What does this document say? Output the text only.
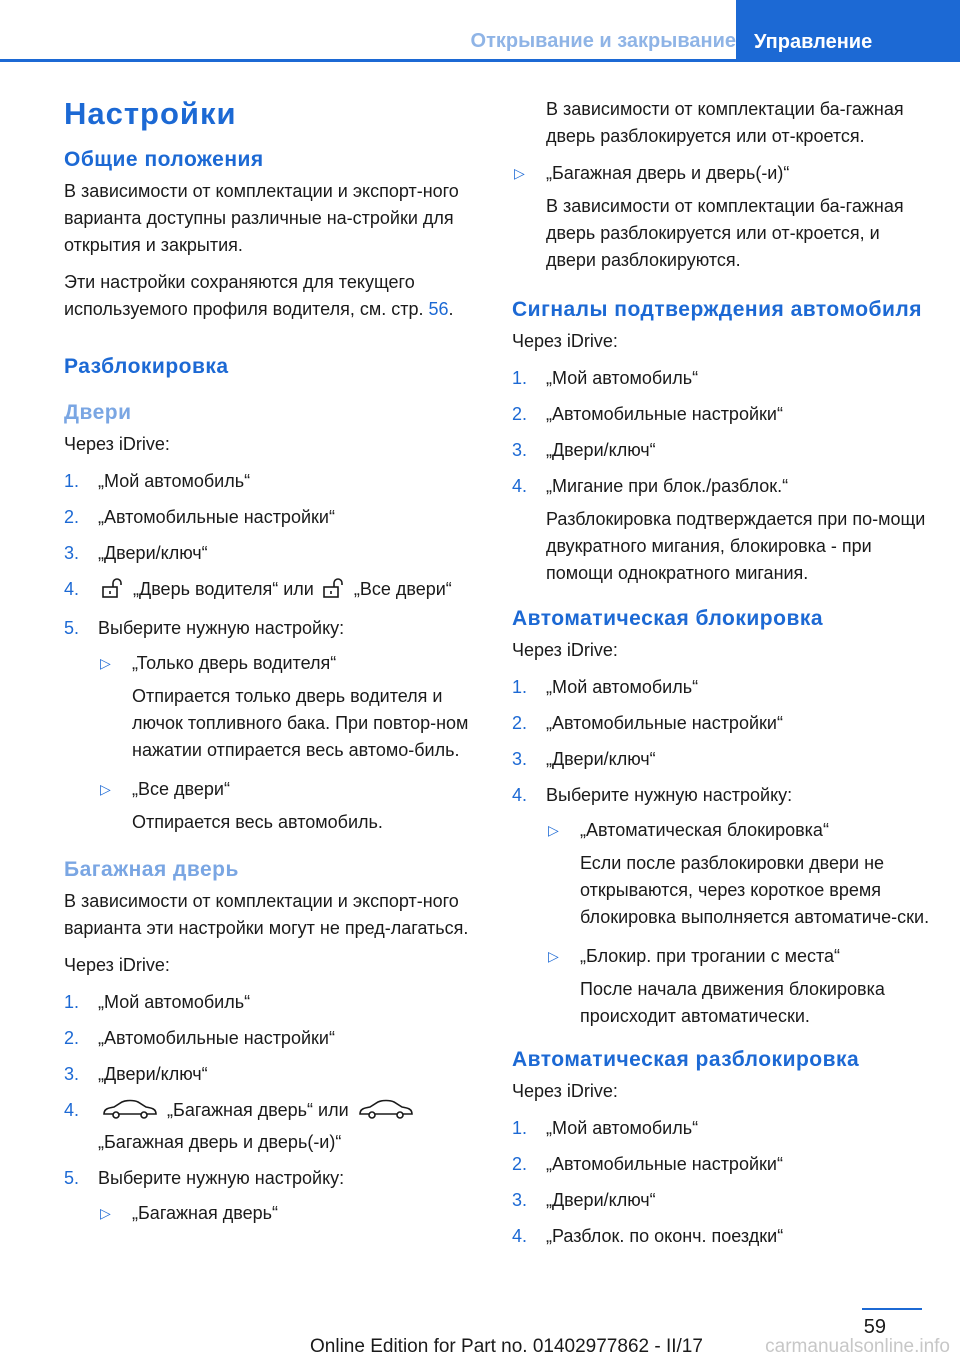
Открывание и закрывание Управление
Настройки
Общие положения
В зависимости от комплектации и экспорт-ного варианта доступны различные на-стройки для открытия и закрытия.
Эти настройки сохраняются для текущего используемого профиля водителя, см. стр. 56.
Разблокировка
Двери
Через iDrive:
1. „Мой автомобиль“
2. „Автомобильные настройки“
3. „Двери/ключ“
4.	„Дверь водителя“ или „Все двери“
5. Выберите нужную настройку:
▷ „Только дверь водителя“
Отпирается только дверь водителя и лючок топливного бака. При повтор-ном нажатии отпирается весь автомо-биль.
▷ „Все двери“
Отпирается весь автомобиль.
Багажная дверь
В зависимости от комплектации и экспорт-ного варианта эти настройки могут не пред-лагаться.
Через iDrive:
1. „Мой автомобиль“
2. „Автомобильные настройки“
3. „Двери/ключ“
4.	„Багажная дверь“ или
„Багажная дверь и дверь(-и)“
5. Выберите нужную настройку:
▷ „Багажная дверь“
В зависимости от комплектации ба-гажная дверь разблокируется или от-кроется.
▷ „Багажная дверь и дверь(-и)“
В зависимости от комплектации ба-гажная дверь разблокируется или от-кроется, и двери разблокируются.
Сигналы подтверждения автомобиля
Через iDrive:
1. „Мой автомобиль“
2. „Автомобильные настройки“
3. „Двери/ключ“
4. „Мигание при блок./разблок.“
Разблокировка подтверждается при по-мощи двукратного мигания, блокировка - при помощи однократного мигания.
Автоматическая блокировка
Через iDrive:
1. „Мой автомобиль“
2. „Автомобильные настройки“
3. „Двери/ключ“
4. Выберите нужную настройку:
▷ „Автоматическая блокировка“
Если после разблокировки двери не открываются, через короткое время блокировка выполняется автоматиче-ски.
▷ „Блокир. при трогании с места“
После начала движения блокировка происходит автоматически.
Автоматическая разблокировка
Через iDrive:
1. „Мой автомобиль“
2. „Автомобильные настройки“
3. „Двери/ключ“
4. „Разблок. по оконч. поездки“
59
Online Edition for Part no. 01402977862 - II/17	carmanualsonline.info
